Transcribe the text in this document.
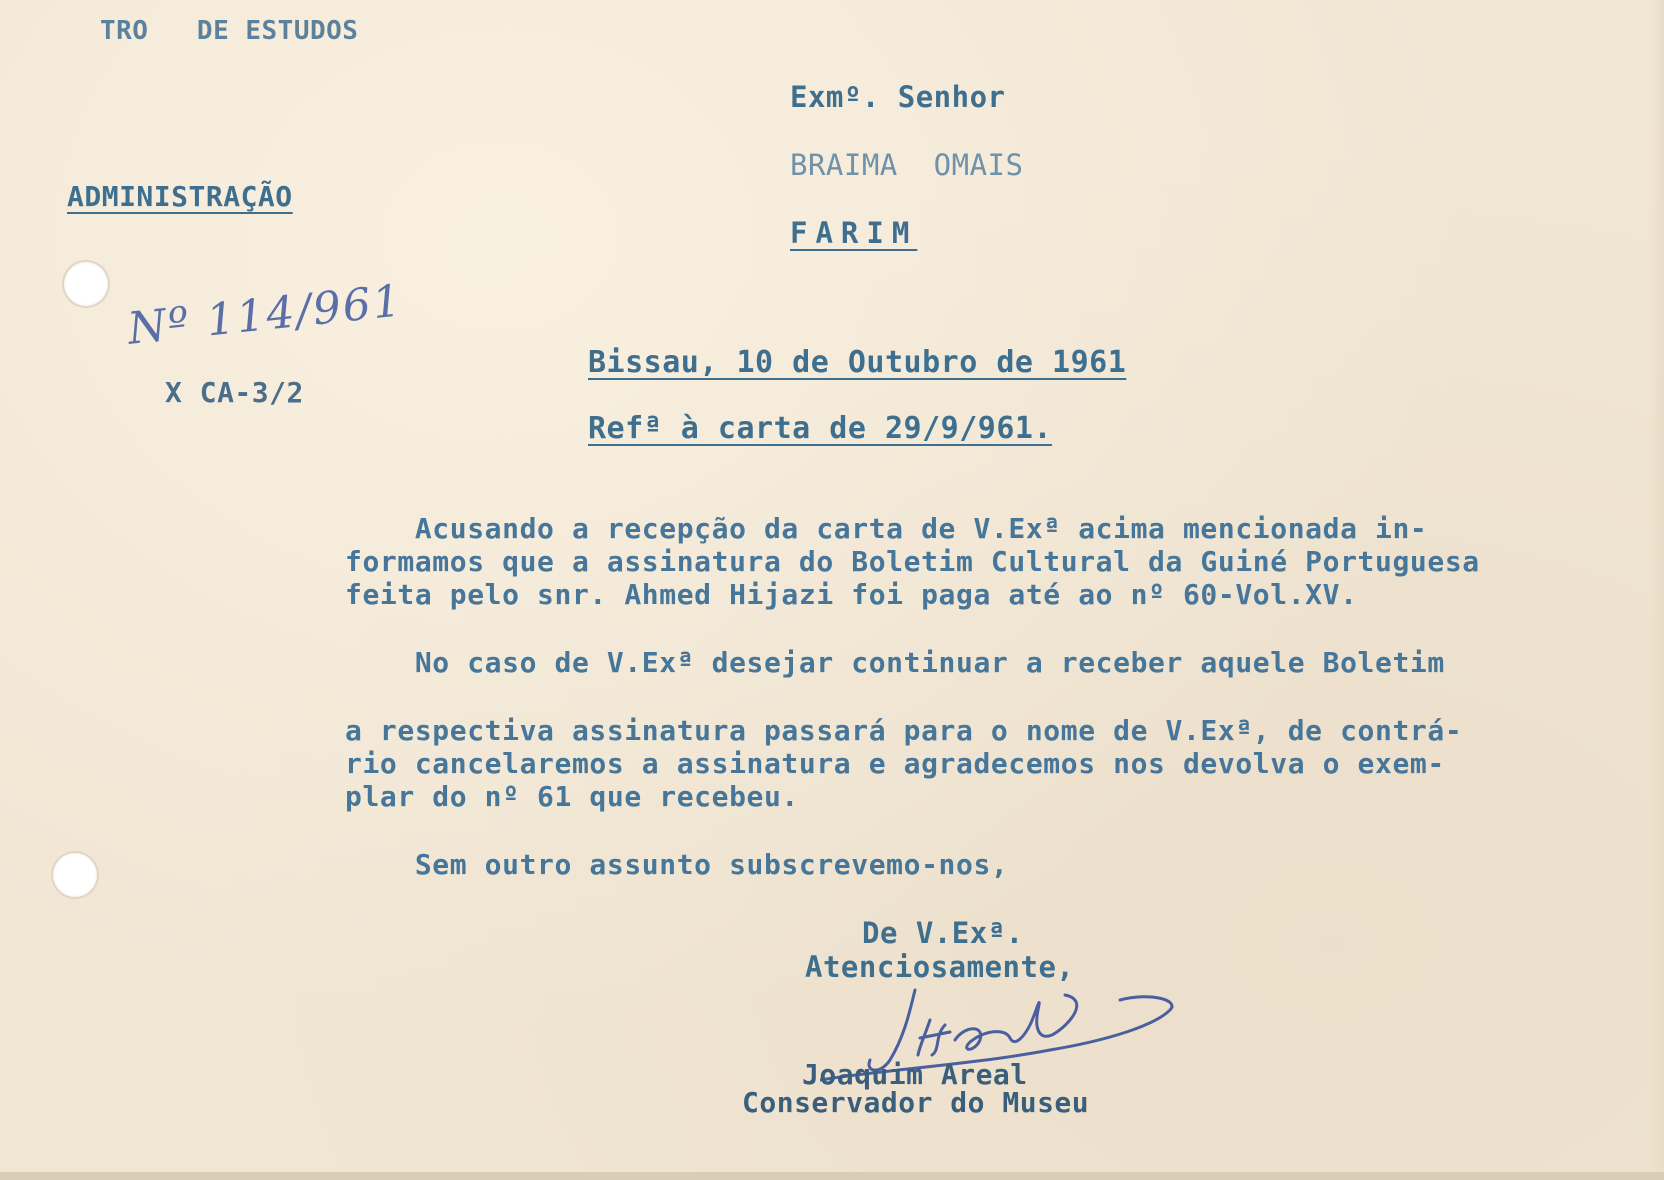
TRO   DE ESTUDOS
ADMINISTRAÇÃO
Exmº. Senhor
BRAIMA  OMAIS
FARIM
Nº 114/961
X CA-3/2
Bissau, 10 de Outubro de 1961
Refª à carta de 29/9/961.
Acusando a recepção da carta de V.Exª acima mencionada in-
formamos que a assinatura do Boletim Cultural da Guiné Portuguesa
feita pelo snr. Ahmed Hijazi foi paga até ao nº 60-Vol.XV.
No caso de V.Exª desejar continuar a receber aquele Boletim
a respectiva assinatura passará para o nome de V.Exª, de contrá-
rio cancelaremos a assinatura e agradecemos nos devolva o exem-
plar do nº 61 que recebeu.
Sem outro assunto subscrevemo-nos,
De V.Exª.
Atenciosamente,
Joaquim Areal
Conservador do Museu
